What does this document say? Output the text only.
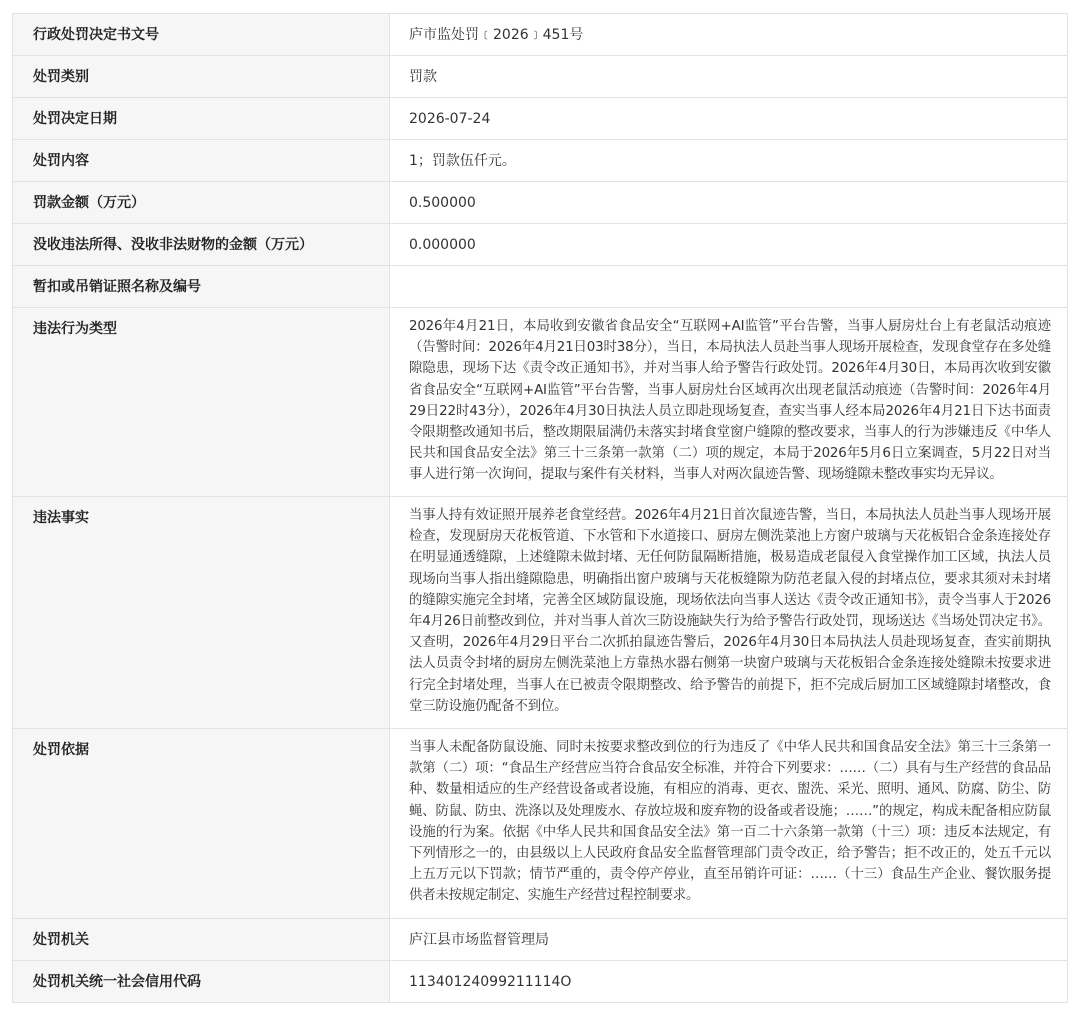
行政处罚决定书文号	庐市监处罚﹝2026﹞451号
处罚类别	罚款
处罚决定日期	2026-07-24
处罚内容	1；罚款伍仟元。
罚款金额（万元）	0.500000
没收违法所得、没收非法财物的金额（万元）	0.000000
暂扣或吊销证照名称及编号	
违法行为类型	2026年4月21日，本局收到安徽省食品安全“互联网+AI监管”平台告警，当事人厨房灶台上有老鼠活动痕迹（告警时间：2026年4月21日03时38分），当日，本局执法人员赴当事人现场开展检查，发现食堂存在多处缝隙隐患，现场下达《责令改正通知书》，并对当事人给予警告行政处罚。2026年4月30日，本局再次收到安徽省食品安全“互联网+AI监管”平台告警，当事人厨房灶台区域再次出现老鼠活动痕迹（告警时间：2026年4月29日22时43分），2026年4月30日执法人员立即赴现场复查，查实当事人经本局2026年4月21日下达书面责令限期整改通知书后，整改期限届满仍未落实封堵食堂窗户缝隙的整改要求，当事人的行为涉嫌违反《中华人民共和国食品安全法》第三十三条第一款第（二）项的规定，本局于2026年5月6日立案调查，5月22日对当事人进行第一次询问，提取与案件有关材料，当事人对两次鼠迹告警、现场缝隙未整改事实均无异议。
违法事实	当事人持有效证照开展养老食堂经营。2026年4月21日首次鼠迹告警，当日，本局执法人员赴当事人现场开展检查，发现厨房天花板管道、下水管和下水道接口、厨房左侧洗菜池上方窗户玻璃与天花板铝合金条连接处存在明显通透缝隙，上述缝隙未做封堵、无任何防鼠隔断措施，极易造成老鼠侵入食堂操作加工区域，执法人员现场向当事人指出缝隙隐患，明确指出窗户玻璃与天花板缝隙为防范老鼠入侵的封堵点位，要求其须对未封堵的缝隙实施完全封堵，完善全区域防鼠设施，现场依法向当事人送达《责令改正通知书》，责令当事人于2026年4月26日前整改到位，并对当事人首次三防设施缺失行为给予警告行政处罚，现场送达《当场处罚决定书》。又查明，2026年4月29日平台二次抓拍鼠迹告警后，2026年4月30日本局执法人员赴现场复查，查实前期执法人员责令封堵的厨房左侧洗菜池上方靠热水器右侧第一块窗户玻璃与天花板铝合金条连接处缝隙未按要求进行完全封堵处理，当事人在已被责令限期整改、给予警告的前提下，拒不完成后厨加工区域缝隙封堵整改，食堂三防设施仍配备不到位。
处罚依据	当事人未配备防鼠设施、同时未按要求整改到位的行为违反了《中华人民共和国食品安全法》第三十三条第一款第（二）项：“食品生产经营应当符合食品安全标准，并符合下列要求：……（二）具有与生产经营的食品品种、数量相适应的生产经营设备或者设施，有相应的消毒、更衣、盥洗、采光、照明、通风、防腐、防尘、防蝇、防鼠、防虫、洗涤以及处理废水、存放垃圾和废弃物的设备或者设施；……”的规定，构成未配备相应防鼠设施的行为案。依据《中华人民共和国食品安全法》第一百二十六条第一款第（十三）项：违反本法规定，有下列情形之一的，由县级以上人民政府食品安全监督管理部门责令改正，给予警告；拒不改正的，处五千元以上五万元以下罚款；情节严重的，责令停产停业，直至吊销许可证：……（十三）食品生产企业、餐饮服务提供者未按规定制定、实施生产经营过程控制要求。
处罚机关	庐江县市场监督管理局
处罚机关统一社会信用代码	11340124099211114O
